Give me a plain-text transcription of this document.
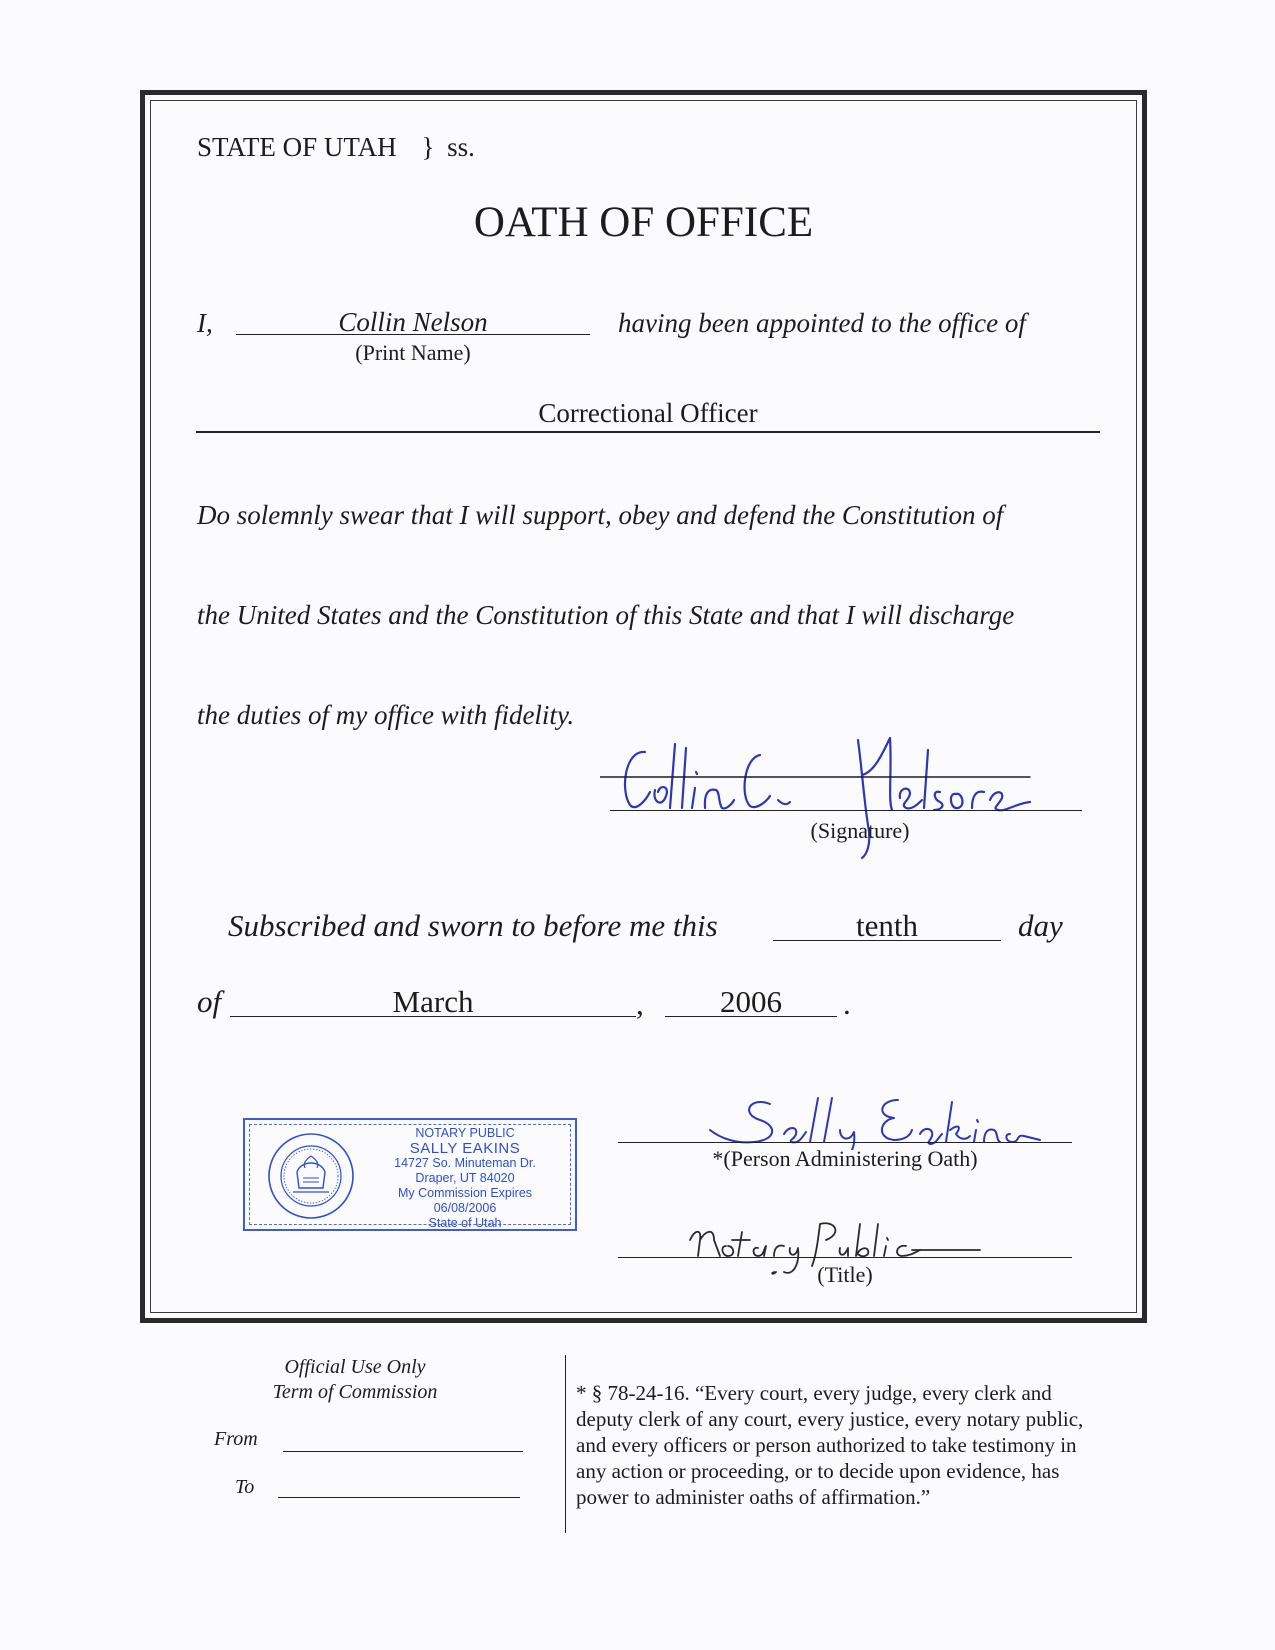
STATE OF UTAH } ss.
OATH OF OFFICE
I,	Collin Nelson
(Print Name)
having been appointed to the office of
Correctional Officer
Do solemnly swear that I will support, obey and defend the Constitution of
the United States and the Constitution of this State and that I will discharge
the duties of my office with fidelity.
(Signature)
Subscribed and sworn to before me this	tenth	day
of	March	,	2006	.
NOTARY PUBLIC
SALLY EAKINS
14727 So. Minuteman Dr.
Draper, UT 84020
My Commission Expires 06/08/2006
State of Utah
*(Person Administering Oath)
(Title)
Official Use Only
Term of Commission
From
To
* § 78-24-16. “Every court, every judge, every clerk and
deputy clerk of any court, every justice, every notary public,
and every officers or person authorized to take testimony in
any action or proceeding, or to decide upon evidence, has
power to administer oaths of affirmation.”
